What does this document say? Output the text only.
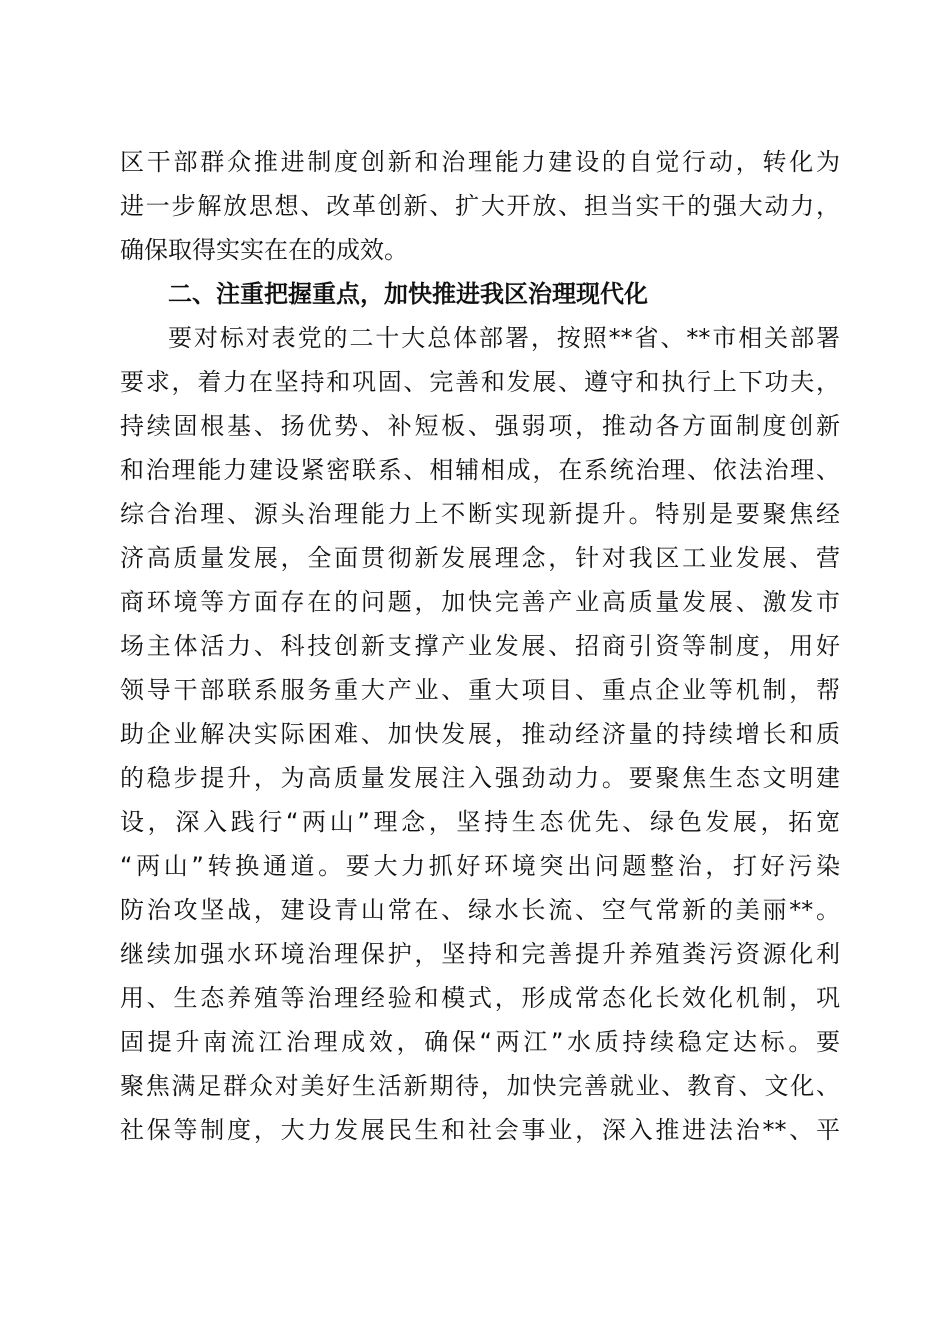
区干部群众推进制度创新和治理能力建设的自觉行动，转化为
进一步解放思想、改革创新、扩大开放、担当实干的强大动力，
确保取得实实在在的成效。
二、注重把握重点，加快推进我区治理现代化
要对标对表党的二十大总体部署，按照**省、**市相关部署
要求，着力在坚持和巩固、完善和发展、遵守和执行上下功夫，
持续固根基、扬优势、补短板、强弱项，推动各方面制度创新
和治理能力建设紧密联系、相辅相成，在系统治理、依法治理、
综合治理、源头治理能力上不断实现新提升。特别是要聚焦经
济高质量发展，全面贯彻新发展理念，针对我区工业发展、营
商环境等方面存在的问题，加快完善产业高质量发展、激发市
场主体活力、科技创新支撑产业发展、招商引资等制度，用好
领导干部联系服务重大产业、重大项目、重点企业等机制，帮
助企业解决实际困难、加快发展，推动经济量的持续增长和质
的稳步提升，为高质量发展注入强劲动力。要聚焦生态文明建
设，深入践行“两山”理念，坚持生态优先、绿色发展，拓宽
“两山”转换通道。要大力抓好环境突出问题整治，打好污染
防治攻坚战，建设青山常在、绿水长流、空气常新的美丽**。
继续加强水环境治理保护，坚持和完善提升养殖粪污资源化利
用、生态养殖等治理经验和模式，形成常态化长效化机制，巩
固提升南流江治理成效，确保“两江”水质持续稳定达标。要
聚焦满足群众对美好生活新期待，加快完善就业、教育、文化、
社保等制度，大力发展民生和社会事业，深入推进法治**、平
